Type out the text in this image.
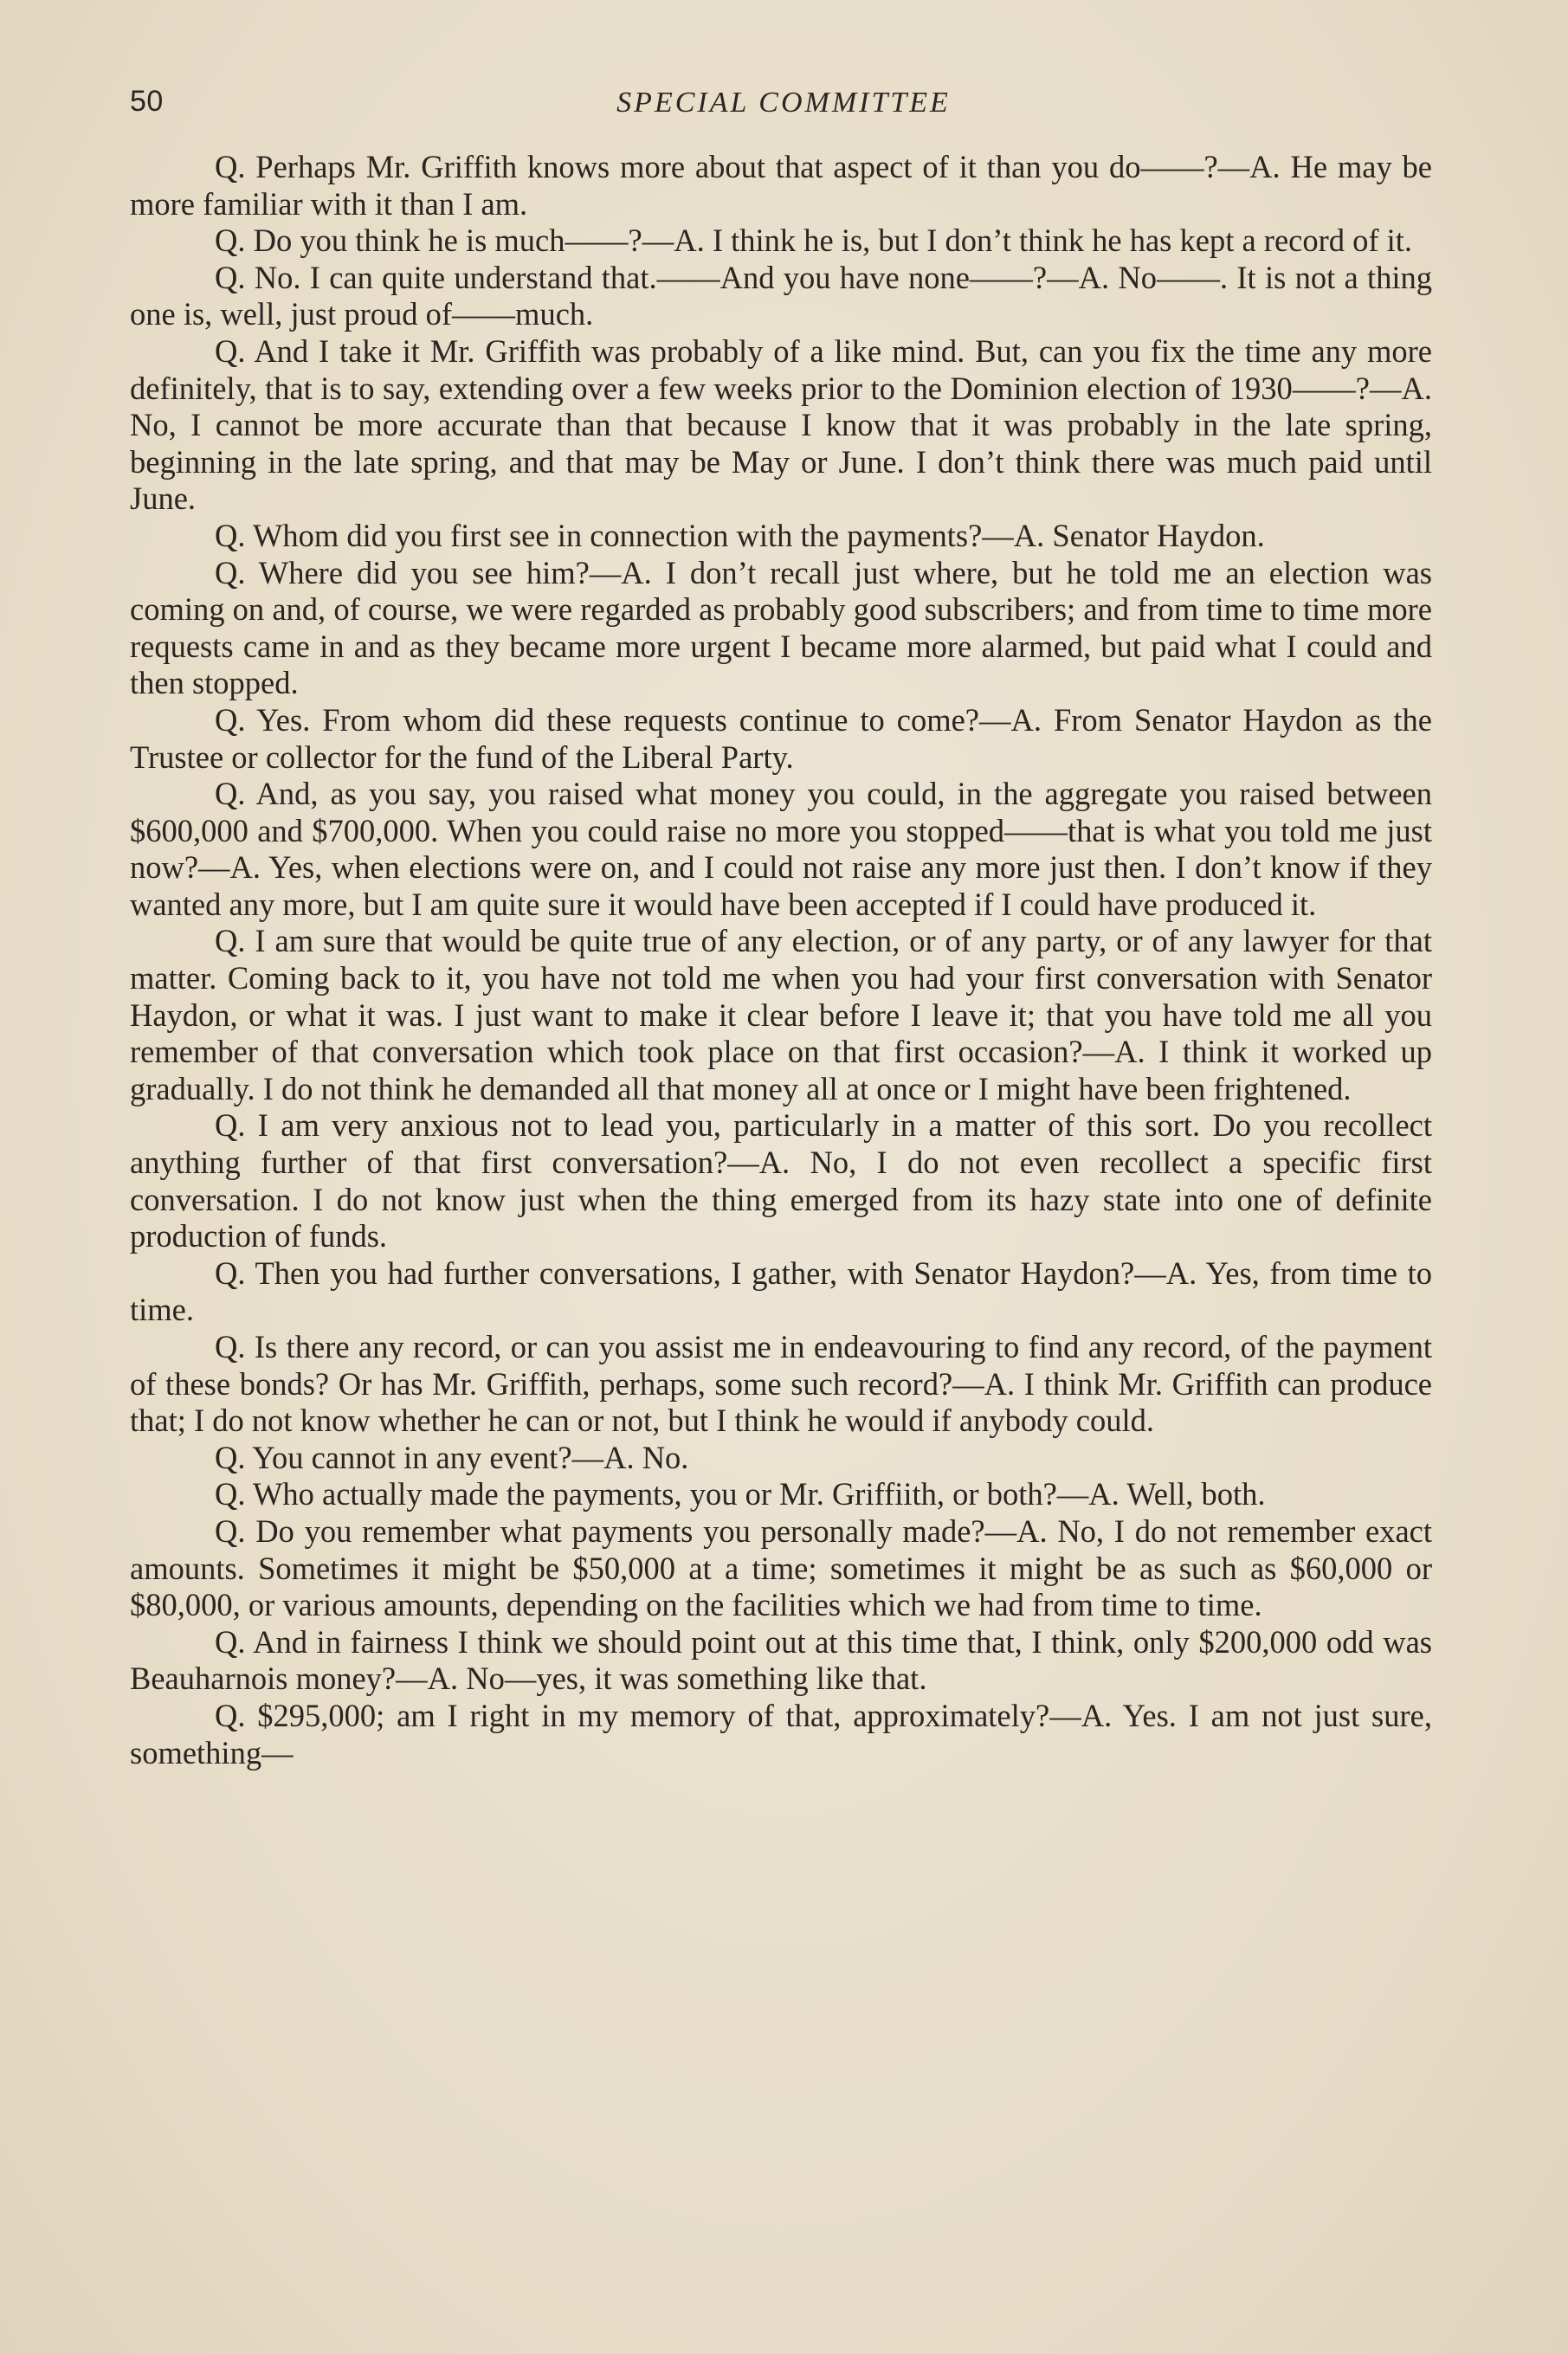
50	SPECIAL COMMITTEE

Q. Perhaps Mr. Griffith knows more about that aspect of it than you do——?—A. He may be more familiar with it than I am.

Q. Do you think he is much——?—A. I think he is, but I don’t think he has kept a record of it.

Q. No. I can quite understand that.——And you have none——?—A. No——. It is not a thing one is, well, just proud of——much.

Q. And I take it Mr. Griffith was probably of a like mind. But, can you fix the time any more definitely, that is to say, extending over a few weeks prior to the Dominion election of 1930——?—A. No, I cannot be more accurate than that because I know that it was probably in the late spring, beginning in the late spring, and that may be May or June. I don’t think there was much paid until June.

Q. Whom did you first see in connection with the payments?—A. Senator Haydon.

Q. Where did you see him?—A. I don’t recall just where, but he told me an election was coming on and, of course, we were regarded as probably good subscribers; and from time to time more requests came in and as they became more urgent I became more alarmed, but paid what I could and then stopped.

Q. Yes. From whom did these requests continue to come?—A. From Senator Haydon as the Trustee or collector for the fund of the Liberal Party.

Q. And, as you say, you raised what money you could, in the aggregate you raised between $600,000 and $700,000. When you could raise no more you stopped——that is what you told me just now?—A. Yes, when elections were on, and I could not raise any more just then. I don’t know if they wanted any more, but I am quite sure it would have been accepted if I could have produced it.

Q. I am sure that would be quite true of any election, or of any party, or of any lawyer for that matter. Coming back to it, you have not told me when you had your first conversation with Senator Haydon, or what it was. I just want to make it clear before I leave it; that you have told me all you remember of that conversation which took place on that first occasion?—A. I think it worked up gradually. I do not think he demanded all that money all at once or I might have been frightened.

Q. I am very anxious not to lead you, particularly in a matter of this sort. Do you recollect anything further of that first conversation?—A. No, I do not even recollect a specific first conversation. I do not know just when the thing emerged from its hazy state into one of definite production of funds.

Q. Then you had further conversations, I gather, with Senator Haydon?—A. Yes, from time to time.

Q. Is there any record, or can you assist me in endeavouring to find any record, of the payment of these bonds? Or has Mr. Griffith, perhaps, some such record?—A. I think Mr. Griffith can produce that; I do not know whether he can or not, but I think he would if anybody could.

Q. You cannot in any event?—A. No.

Q. Who actually made the payments, you or Mr. Griffiith, or both?—A. Well, both.

Q. Do you remember what payments you personally made?—A. No, I do not remember exact amounts. Sometimes it might be $50,000 at a time; sometimes it might be as such as $60,000 or $80,000, or various amounts, depending on the facilities which we had from time to time.

Q. And in fairness I think we should point out at this time that, I think, only $200,000 odd was Beauharnois money?—A. No—yes, it was something like that.

Q. $295,000; am I right in my memory of that, approximately?—A. Yes. I am not just sure, something—
